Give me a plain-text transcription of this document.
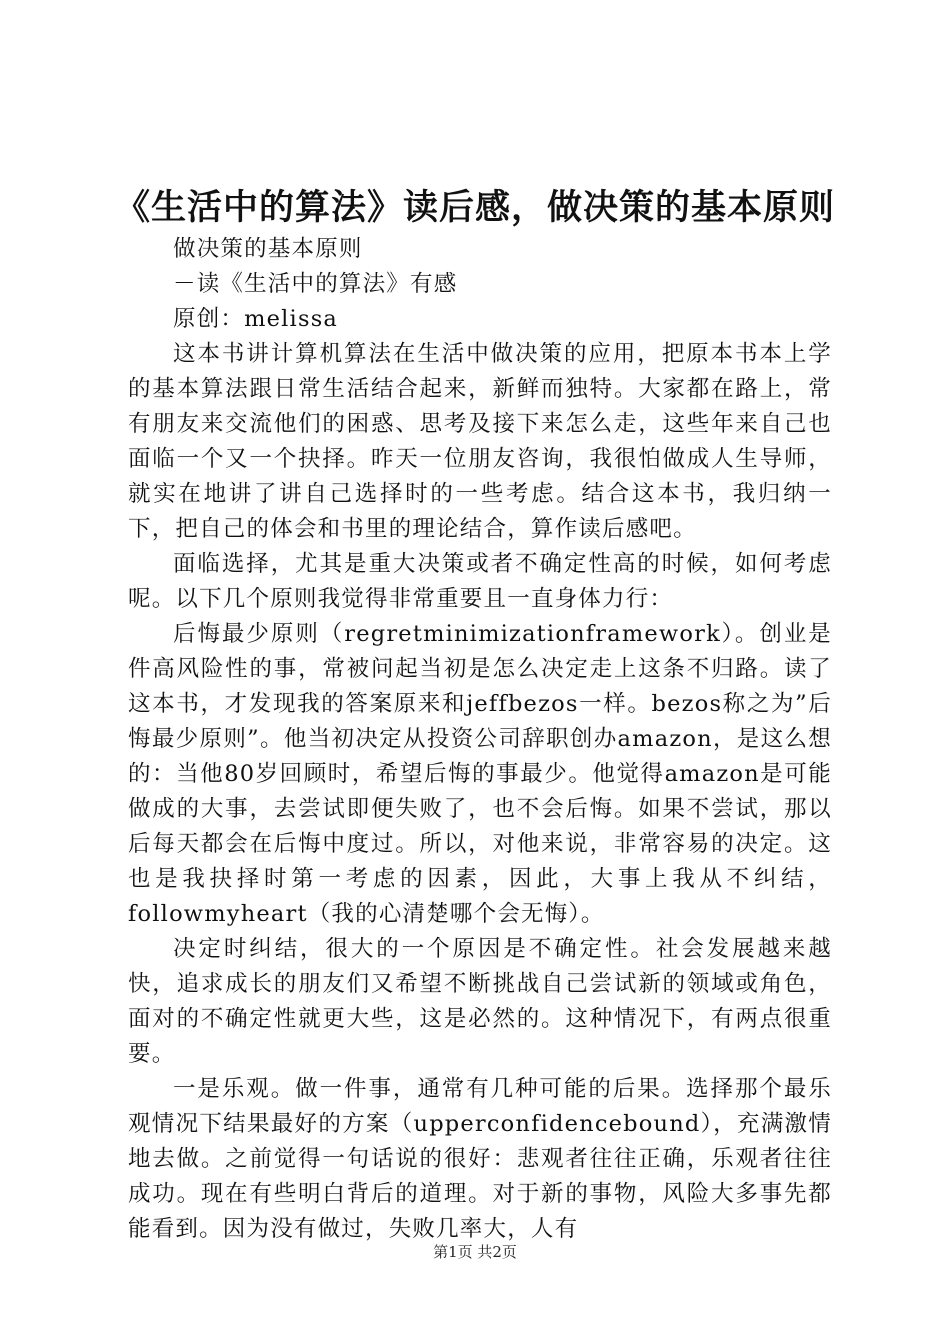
《生活中的算法》读后感，做决策的基本原则

做决策的基本原则

－读《生活中的算法》有感

原创：melissa

这本书讲计算机算法在生活中做决策的应用，把原本书本上学的基本算法跟日常生活结合起来，新鲜而独特。大家都在路上，常有朋友来交流他们的困惑、思考及接下来怎么走，这些年来自己也面临一个又一个抉择。昨天一位朋友咨询，我很怕做成人生导师，就实在地讲了讲自己选择时的一些考虑。结合这本书，我归纳一下，把自己的体会和书里的理论结合，算作读后感吧。

面临选择，尤其是重大决策或者不确定性高的时候，如何考虑呢。以下几个原则我觉得非常重要且一直身体力行：

后悔最少原则（regretminimizationframework）。创业是件高风险性的事，常被问起当初是怎么决定走上这条不归路。读了这本书，才发现我的答案原来和jeffbezos一样。bezos称之为”后悔最少原则”。他当初决定从投资公司辞职创办amazon，是这么想的：当他80岁回顾时，希望后悔的事最少。他觉得amazon是可能做成的大事，去尝试即便失败了，也不会后悔。如果不尝试，那以后每天都会在后悔中度过。所以，对他来说，非常容易的决定。这也是我抉择时第一考虑的因素，因此，大事上我从不纠结，followmyheart（我的心清楚哪个会无悔）。

决定时纠结，很大的一个原因是不确定性。社会发展越来越快，追求成长的朋友们又希望不断挑战自己尝试新的领域或角色，面对的不确定性就更大些，这是必然的。这种情况下，有两点很重要。

一是乐观。做一件事，通常有几种可能的后果。选择那个最乐观情况下结果最好的方案（upperconfidencebound），充满激情地去做。之前觉得一句话说的很好：悲观者往往正确，乐观者往往成功。现在有些明白背后的道理。对于新的事物，风险大多事先都能看到。因为没有做过，失败几率大，人有

第1页 共2页
